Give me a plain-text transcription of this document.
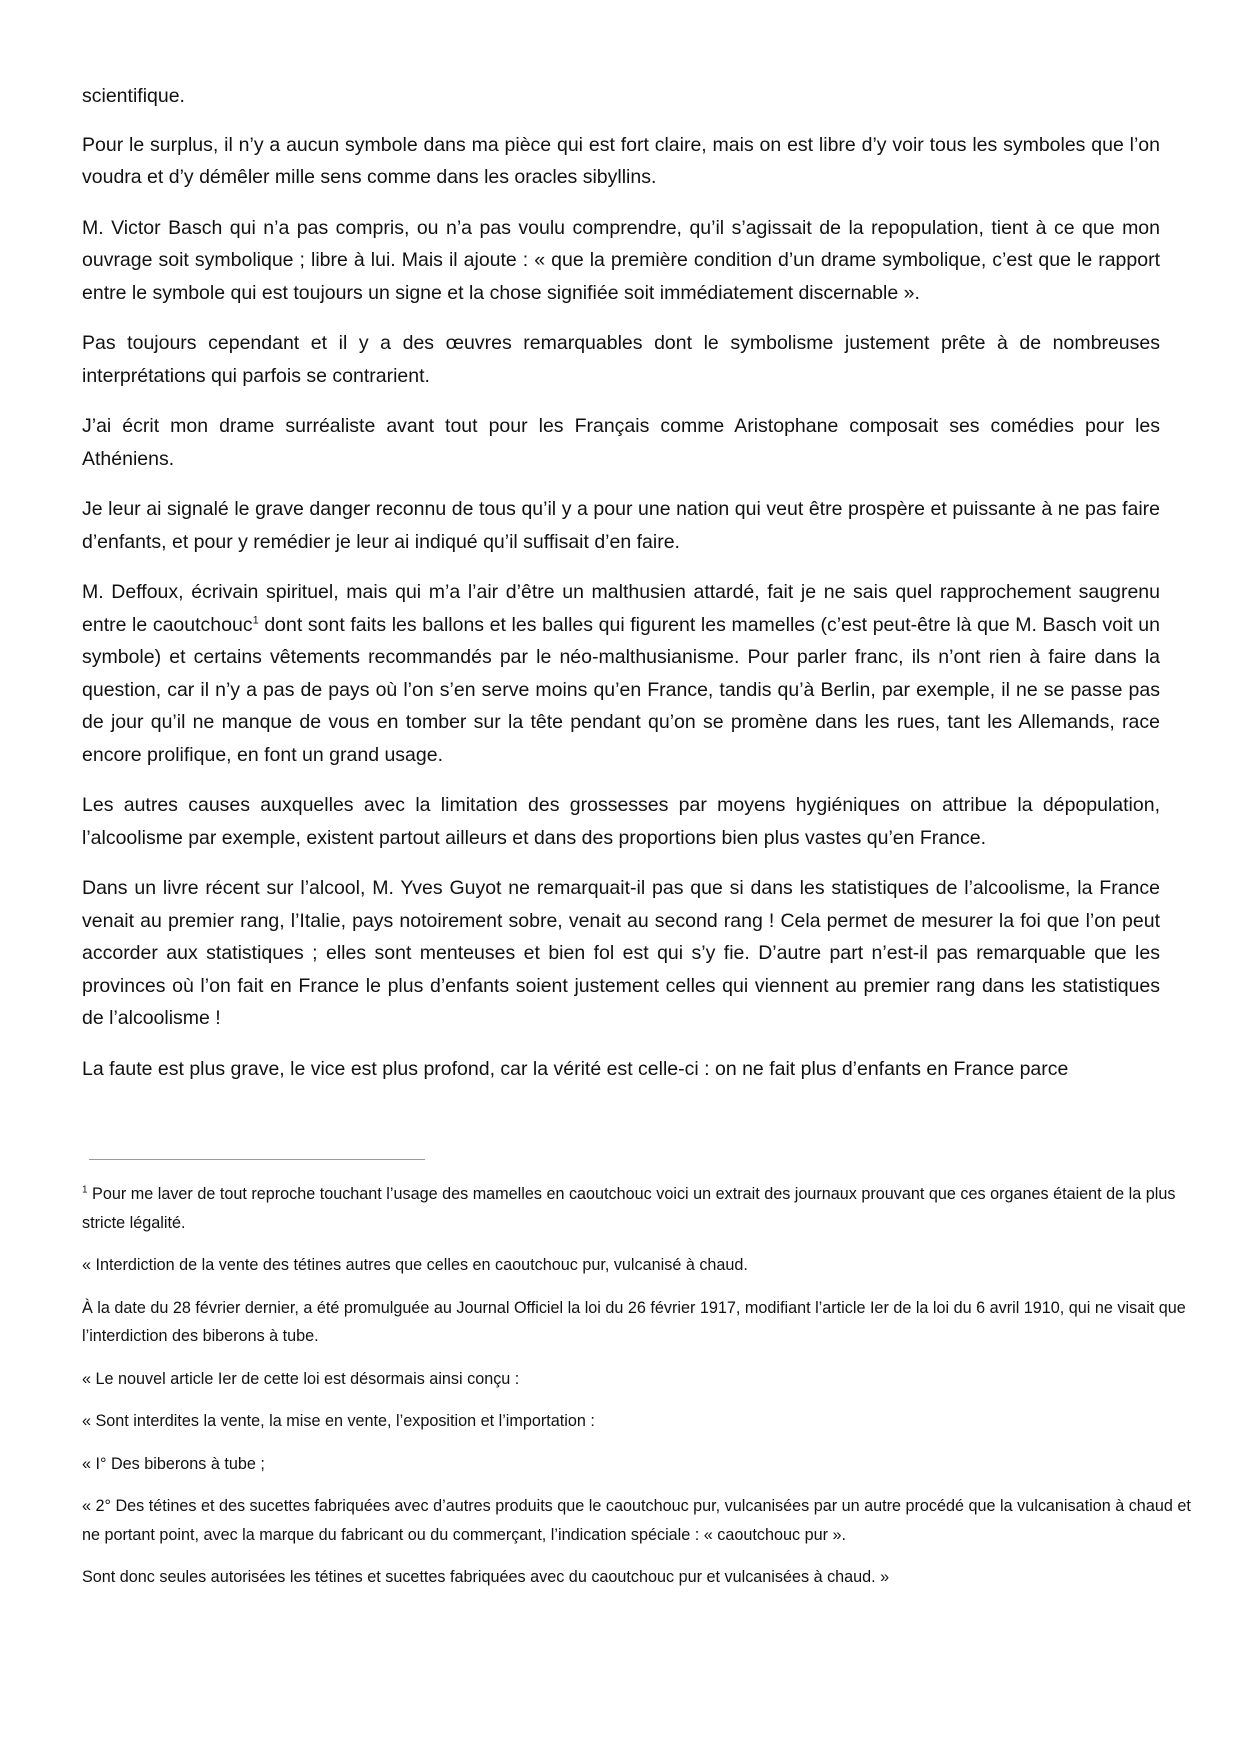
scientifique.

Pour le surplus, il n’y a aucun symbole dans ma pièce qui est fort claire, mais on est libre d’y voir tous les symboles que l’on voudra et d’y démêler mille sens comme dans les oracles sibyllins.

M. Victor Basch qui n’a pas compris, ou n’a pas voulu comprendre, qu’il s’agissait de la repopulation, tient à ce que mon ouvrage soit symbolique ; libre à lui. Mais il ajoute : « que la première condition d’un drame symbolique, c’est que le rapport entre le symbole qui est toujours un signe et la chose signifiée soit immédiatement discernable ».

Pas toujours cependant et il y a des œuvres remarquables dont le symbolisme justement prête à de nombreuses interprétations qui parfois se contrarient.

J’ai écrit mon drame surréaliste avant tout pour les Français comme Aristophane composait ses comédies pour les Athéniens.

Je leur ai signalé le grave danger reconnu de tous qu’il y a pour une nation qui veut être prospère et puissante à ne pas faire d’enfants, et pour y remédier je leur ai indiqué qu’il suffisait d’en faire.

M. Deffoux, écrivain spirituel, mais qui m’a l’air d’être un malthusien attardé, fait je ne sais quel rapprochement saugrenu entre le caoutchouc$^1$ dont sont faits les ballons et les balles qui figurent les mamelles (c’est peut-être là que M. Basch voit un symbole) et certains vêtements recommandés par le néo-malthusianisme. Pour parler franc, ils n’ont rien à faire dans la question, car il n’y a pas de pays où l’on s’en serve moins qu’en France, tandis qu’à Berlin, par exemple, il ne se passe pas de jour qu’il ne manque de vous en tomber sur la tête pendant qu’on se promène dans les rues, tant les Allemands, race encore prolifique, en font un grand usage.

Les autres causes auxquelles avec la limitation des grossesses par moyens hygiéniques on attribue la dépopulation, l’alcoolisme par exemple, existent partout ailleurs et dans des proportions bien plus vastes qu’en France.

Dans un livre récent sur l’alcool, M. Yves Guyot ne remarquait-il pas que si dans les statistiques de l’alcoolisme, la France venait au premier rang, l’Italie, pays notoirement sobre, venait au second rang ! Cela permet de mesurer la foi que l’on peut accorder aux statistiques ; elles sont menteuses et bien fol est qui s’y fie. D’autre part n’est-il pas remarquable que les provinces où l’on fait en France le plus d’enfants soient justement celles qui viennent au premier rang dans les statistiques de l’alcoolisme !

La faute est plus grave, le vice est plus profond, car la vérité est celle-ci : on ne fait plus d’enfants en France parce

$^1$ Pour me laver de tout reproche touchant l’usage des mamelles en caoutchouc voici un extrait des journaux prouvant que ces organes étaient de la plus stricte légalité.

« Interdiction de la vente des tétines autres que celles en caoutchouc pur, vulcanisé à chaud.

À la date du 28 février dernier, a été promulguée au Journal Officiel la loi du 26 février 1917, modifiant l’article Ier de la loi du 6 avril 1910, qui ne visait que l’interdiction des biberons à tube.

« Le nouvel article Ier de cette loi est désormais ainsi conçu :

« Sont interdites la vente, la mise en vente, l’exposition et l’importation :

« I° Des biberons à tube ;

« 2° Des tétines et des sucettes fabriquées avec d’autres produits que le caoutchouc pur, vulcanisées par un autre procédé que la vulcanisation à chaud et ne portant point, avec la marque du fabricant ou du commerçant, l’indication spéciale : « caoutchouc pur ».

Sont donc seules autorisées les tétines et sucettes fabriquées avec du caoutchouc pur et vulcanisées à chaud. »
